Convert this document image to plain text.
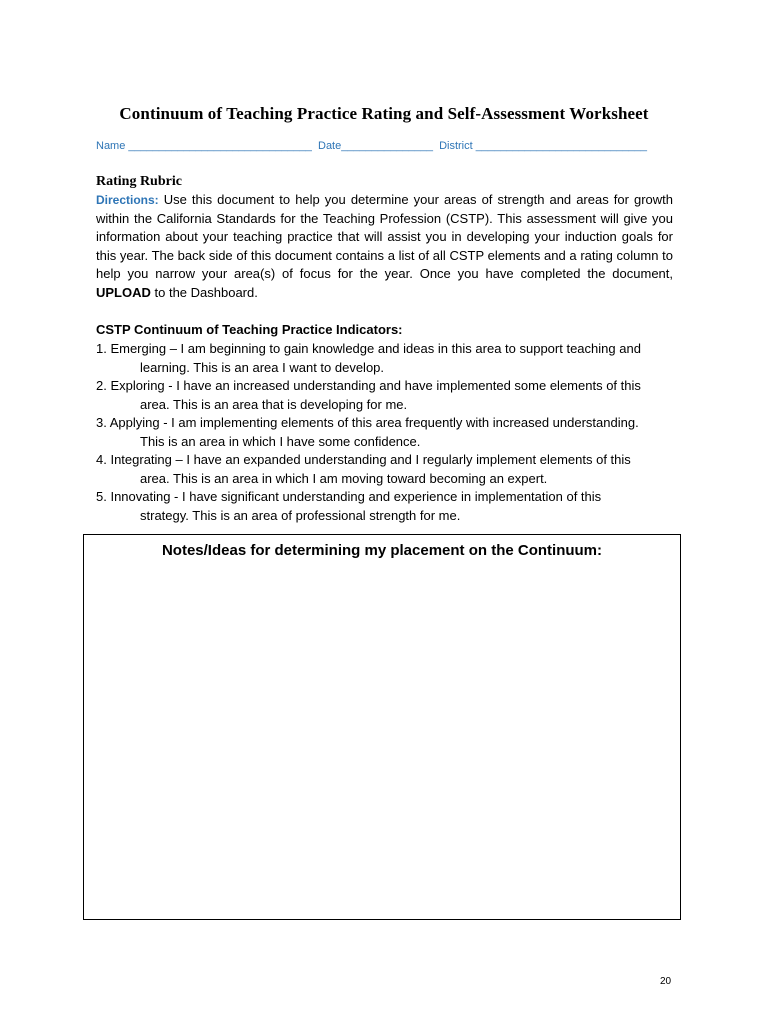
Continuum of Teaching Practice Rating and Self-Assessment Worksheet
Name ______________________________ Date_______________ District ____________________________
Rating Rubric
Directions: Use this document to help you determine your areas of strength and areas for growth within the California Standards for the Teaching Profession (CSTP). This assessment will give you information about your teaching practice that will assist you in developing your induction goals for this year. The back side of this document contains a list of all CSTP elements and a rating column to help you narrow your area(s) of focus for the year. Once you have completed the document, UPLOAD to the Dashboard.
CSTP Continuum of Teaching Practice Indicators:
1. Emerging – I am beginning to gain knowledge and ideas in this area to support teaching and
learning. This is an area I want to develop.
2. Exploring - I have an increased understanding and have implemented some elements of this
area. This is an area that is developing for me.
3. Applying - I am implementing elements of this area frequently with increased understanding.
This is an area in which I have some confidence.
4. Integrating – I have an expanded understanding and I regularly implement elements of this
area. This is an area in which I am moving toward becoming an expert.
5. Innovating - I have significant understanding and experience in implementation of this
strategy. This is an area of professional strength for me.
Notes/Ideas for determining my placement on the Continuum:
20
